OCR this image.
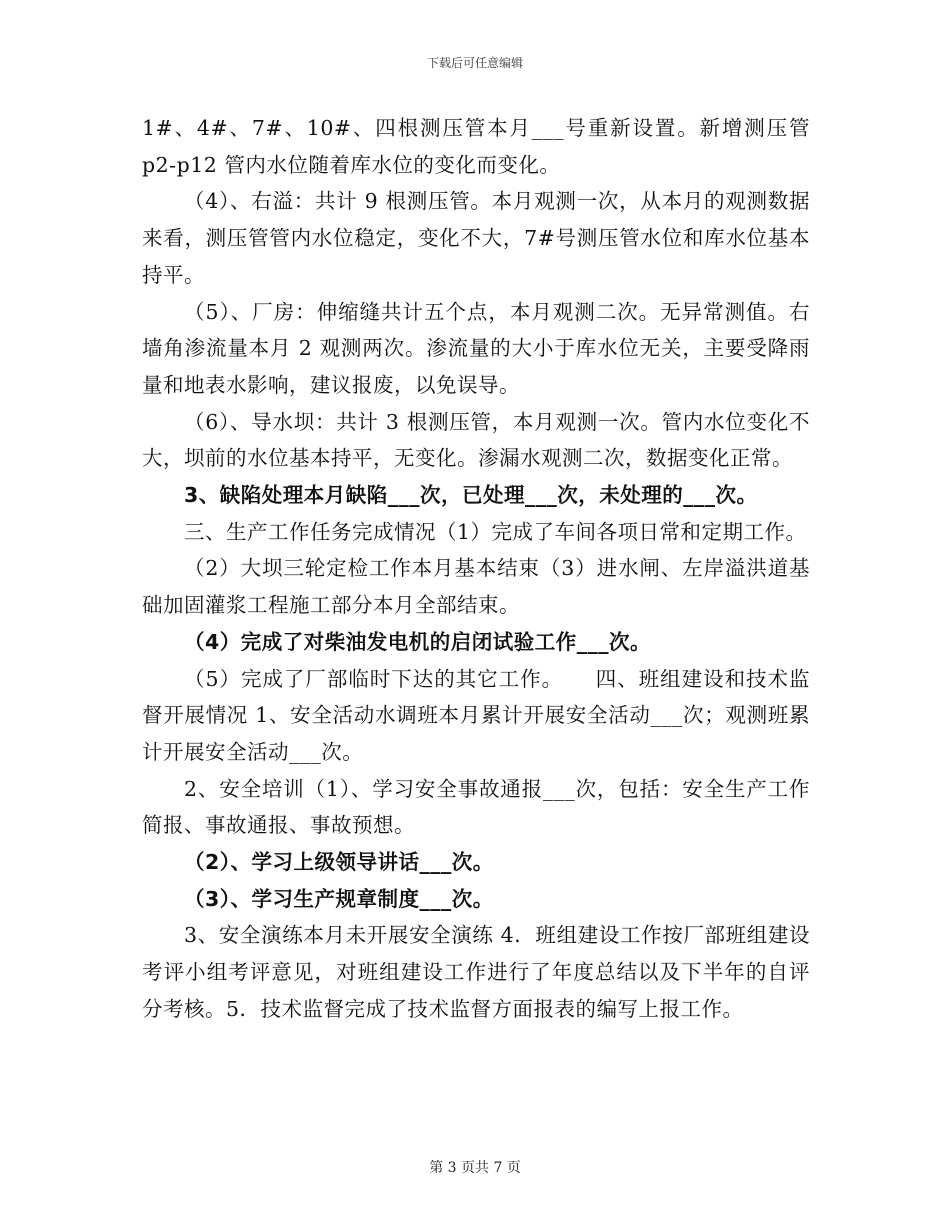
下载后可任意编辑

1#、4#、7#、10#、四根测压管本月___号重新设置。新增测压管 p2-p12 管内水位随着库水位的变化而变化。

（4）、右溢：共计 9 根测压管。本月观测一次，从本月的观测数据来看，测压管管内水位稳定，变化不大，7#号测压管水位和库水位基本持平。

（5）、厂房：伸缩缝共计五个点，本月观测二次。无异常测值。右墙角渗流量本月 2 观测两次。渗流量的大小于库水位无关，主要受降雨量和地表水影响，建议报废，以免误导。

（6）、导水坝：共计 3 根测压管，本月观测一次。管内水位变化不大，坝前的水位基本持平，无变化。渗漏水观测二次，数据变化正常。

3、缺陷处理本月缺陷___次，已处理___次，未处理的___次。

三、生产工作任务完成情况（1）完成了车间各项日常和定期工作。

（2）大坝三轮定检工作本月基本结束（3）进水闸、左岸溢洪道基础加固灌浆工程施工部分本月全部结束。

（4）完成了对柴油发电机的启闭试验工作___次。

（5）完成了厂部临时下达的其它工作。　　四、班组建设和技术监督开展情况 1、安全活动水调班本月累计开展安全活动___次；观测班累计开展安全活动___次。

2、安全培训（1）、学习安全事故通报___次，包括：安全生产工作简报、事故通报、事故预想。

（2）、学习上级领导讲话___次。

（3）、学习生产规章制度___次。

3、安全演练本月未开展安全演练 4．班组建设工作按厂部班组建设考评小组考评意见，对班组建设工作进行了年度总结以及下半年的自评分考核。5．技术监督完成了技术监督方面报表的编写上报工作。

第 3 页共 7 页
